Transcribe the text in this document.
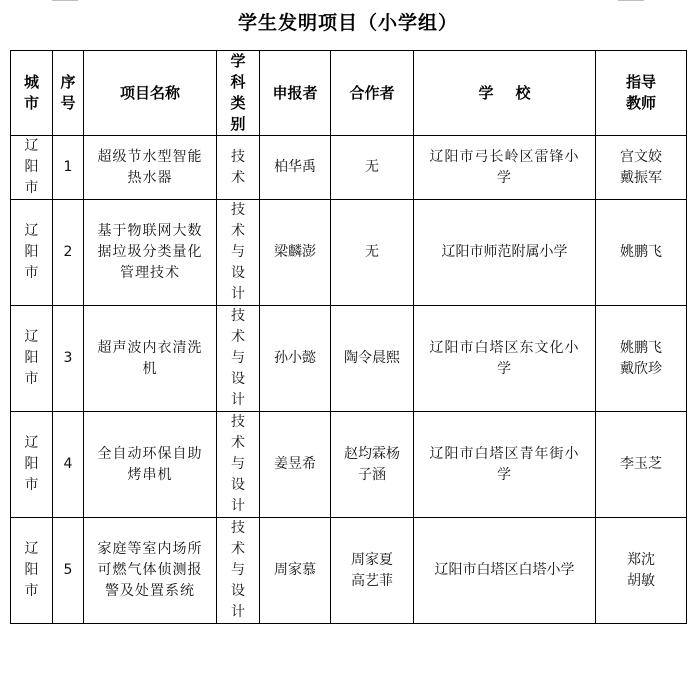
学生发明项目（小学组）
城市	序号	项目名称	学科类别	申报者	合作者	学校	指导教师
辽阳市	1	超级节水型智能热水器	技术	柏华禹	无	辽阳市弓长岭区雷锋小学	宫文姣 戴振军
辽阳市	2	基于物联网大数据垃圾分类量化管理技术	技术与设计	梁麟澎	无	辽阳市师范附属小学	姚鹏飞
辽阳市	3	超声波内衣清洗机	技术与设计	孙小懿	陶令晨熙	辽阳市白塔区东文化小学	姚鹏飞 戴欣珍
辽阳市	4	全自动环保自助烤串机	技术与设计	姜昱希	赵均霖杨子涵	辽阳市白塔区青年街小学	李玉芝
辽阳市	5	家庭等室内场所可燃气体侦测报警及处置系统	技术与设计	周家慕	周家夏 高艺菲	辽阳市白塔区白塔小学	郑沈 胡敏
